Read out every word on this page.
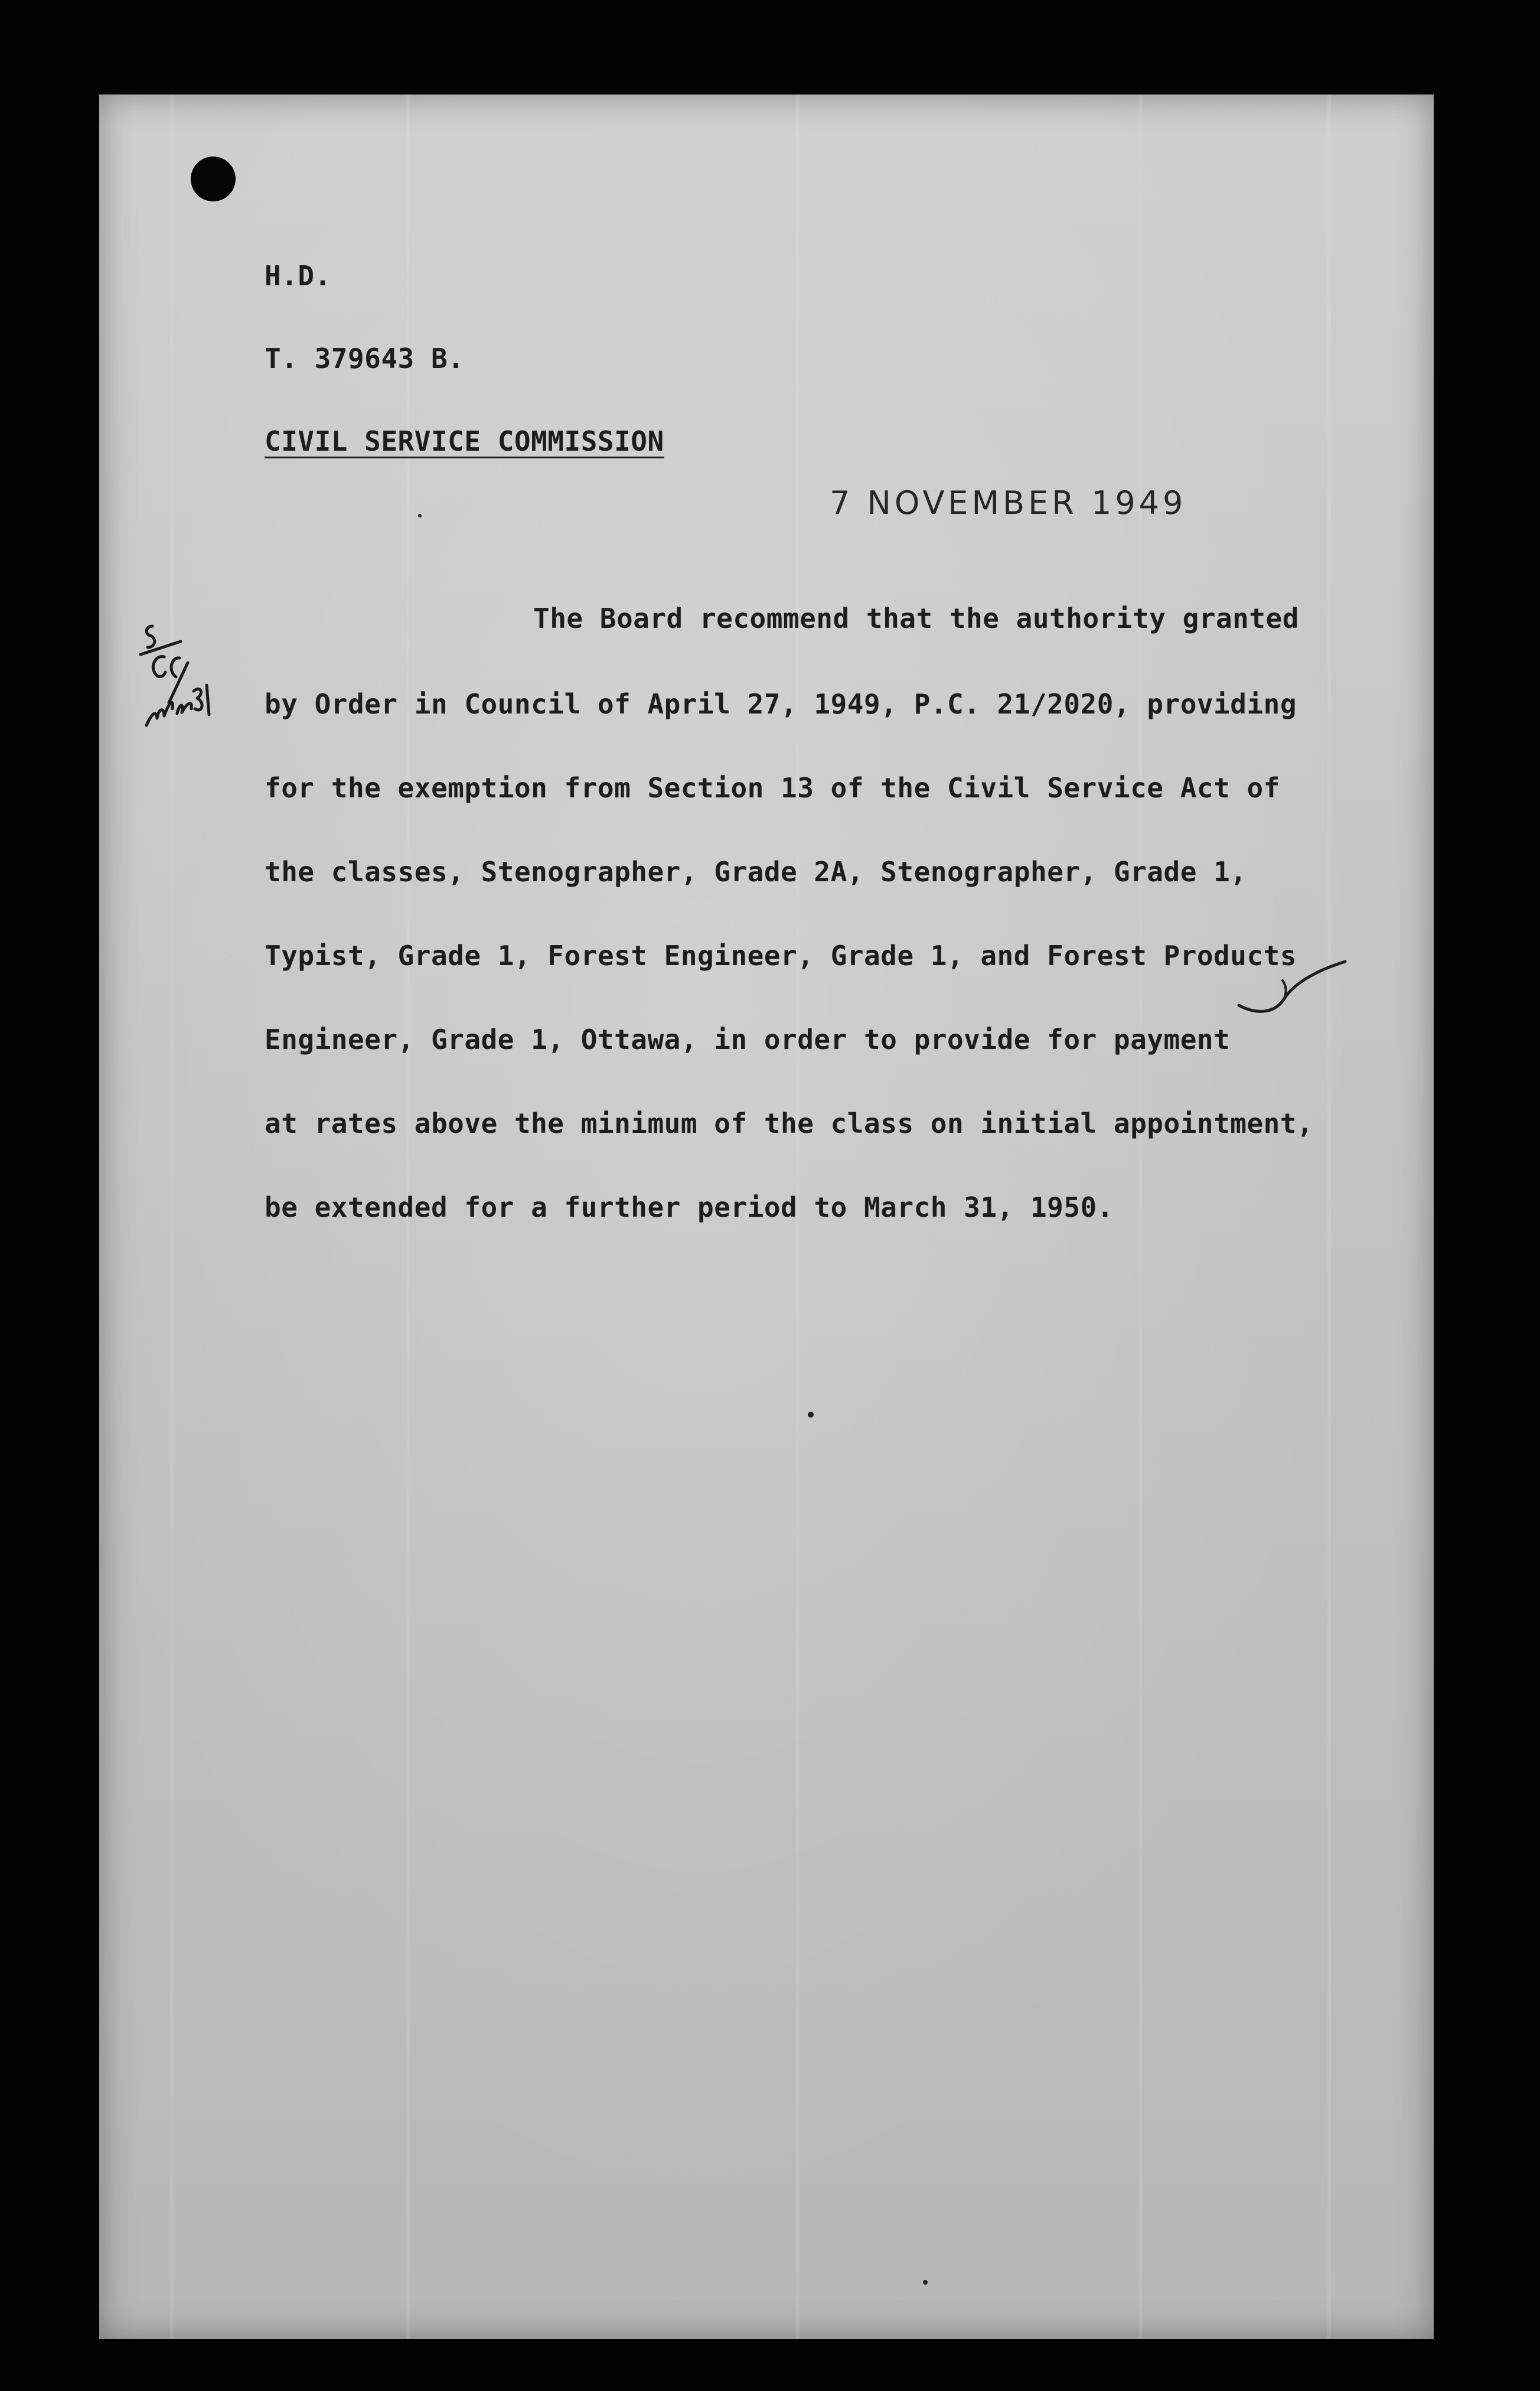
H.D.
T. 379643 B.
CIVIL SERVICE COMMISSION
7 NOVEMBER 1949
The Board recommend that the authority granted
by Order in Council of April 27, 1949, P.C. 21/2020, providing
for the exemption from Section 13 of the Civil Service Act of
the classes, Stenographer, Grade 2A, Stenographer, Grade 1,
Typist, Grade 1, Forest Engineer, Grade 1, and Forest Products
Engineer, Grade 1, Ottawa, in order to provide for payment
at rates above the minimum of the class on initial appointment,
be extended for a further period to March 31, 1950.
